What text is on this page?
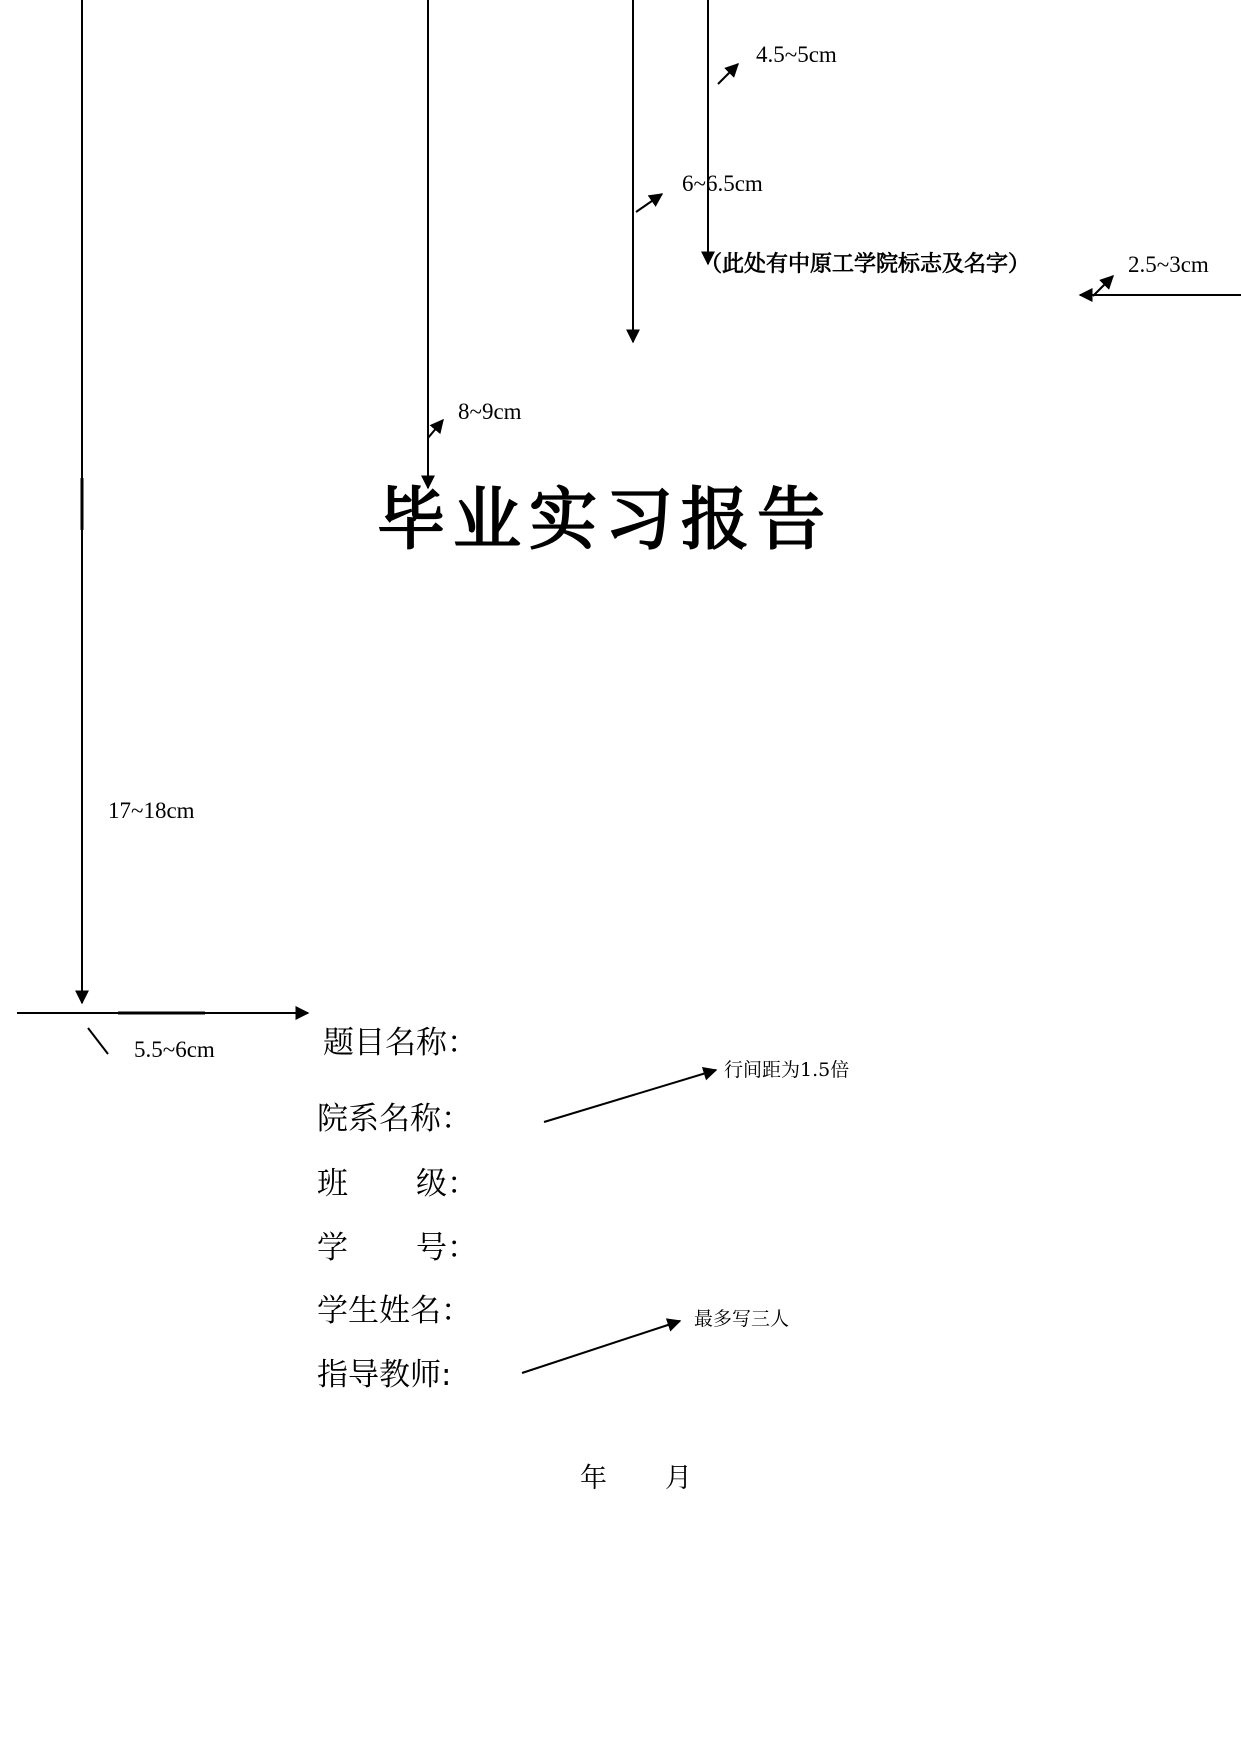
4.5~5cm
6~6.5cm
（此处有中原工学院标志及名字）	2.5~3cm
8~9cm
毕业实习报告
17~18cm
5.5~6cm	题目名称：
行间距为1.5倍
院系名称：
班 级：
学 号：
学生姓名：	最多写三人
指导教师:
年 月
